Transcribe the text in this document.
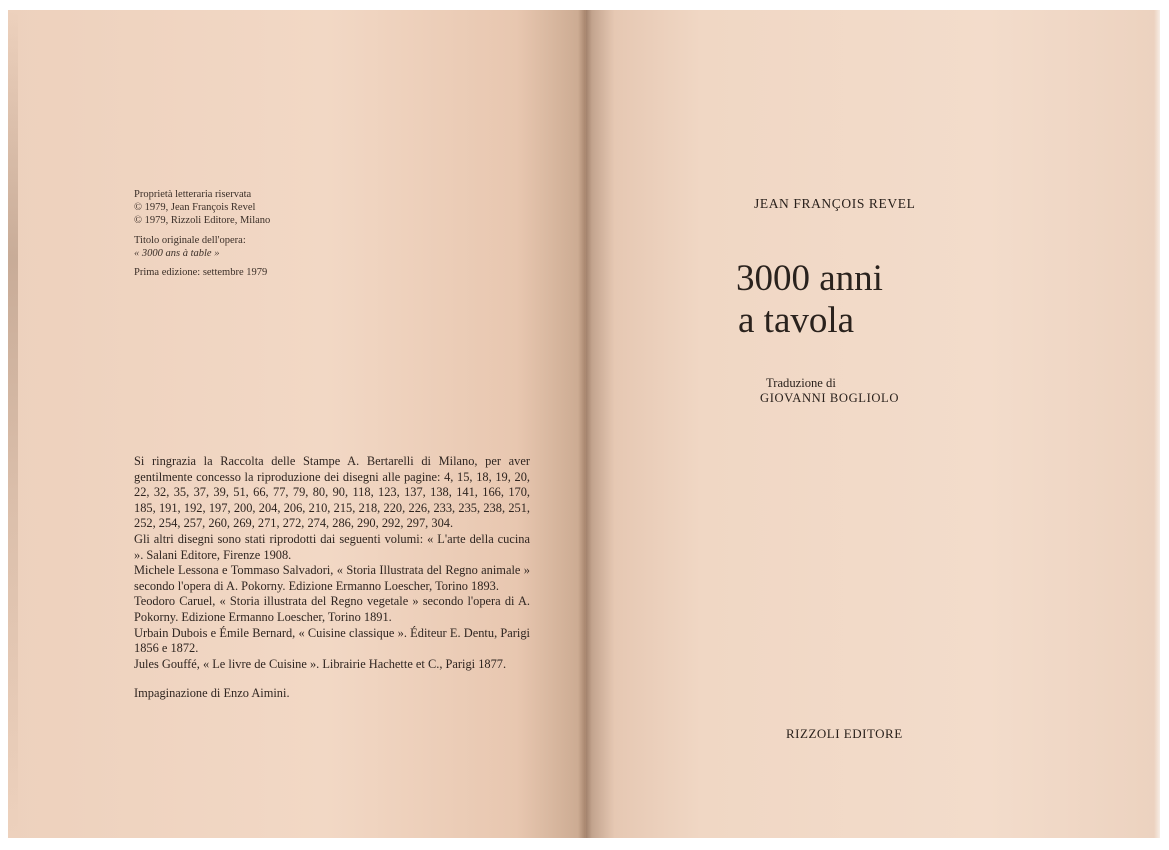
Proprietà letteraria riservata
© 1979, Jean François Revel
© 1979, Rizzoli Editore, Milano
Titolo originale dell'opera:
« 3000 ans à table »
Prima edizione: settembre 1979

Si ringrazia la Raccolta delle Stampe A. Bertarelli di Milano, per aver gentilmente concesso la riproduzione dei disegni alle pagine: 4, 15, 18, 19, 20, 22, 32, 35, 37, 39, 51, 66, 77, 79, 80, 90, 118, 123, 137, 138, 141, 166, 170, 185, 191, 192, 197, 200, 204, 206, 210, 215, 218, 220, 226, 233, 235, 238, 251, 252, 254, 257, 260, 269, 271, 272, 274, 286, 290, 292, 297, 304.

Gli altri disegni sono stati riprodotti dai seguenti volumi: « L'arte della cucina ». Salani Editore, Firenze 1908.

Michele Lessona e Tommaso Salvadori, « Storia Illustrata del Regno animale » secondo l'opera di A. Pokorny. Edizione Ermanno Loescher, Torino 1893.

Teodoro Caruel, « Storia illustrata del Regno vegetale » secondo l'opera di A. Pokorny. Edizione Ermanno Loescher, Torino 1891.

Urbain Dubois e Émile Bernard, « Cuisine classique ». Éditeur E. Dentu, Parigi 1856 e 1872.

Jules Gouffé, « Le livre de Cuisine ». Librairie Hachette et C., Parigi 1877.

Impaginazione di Enzo Aimini.

JEAN FRANÇOIS REVEL
3000 anni
a tavola
Traduzione di
GIOVANNI BOGLIOLO
RIZZOLI EDITORE
